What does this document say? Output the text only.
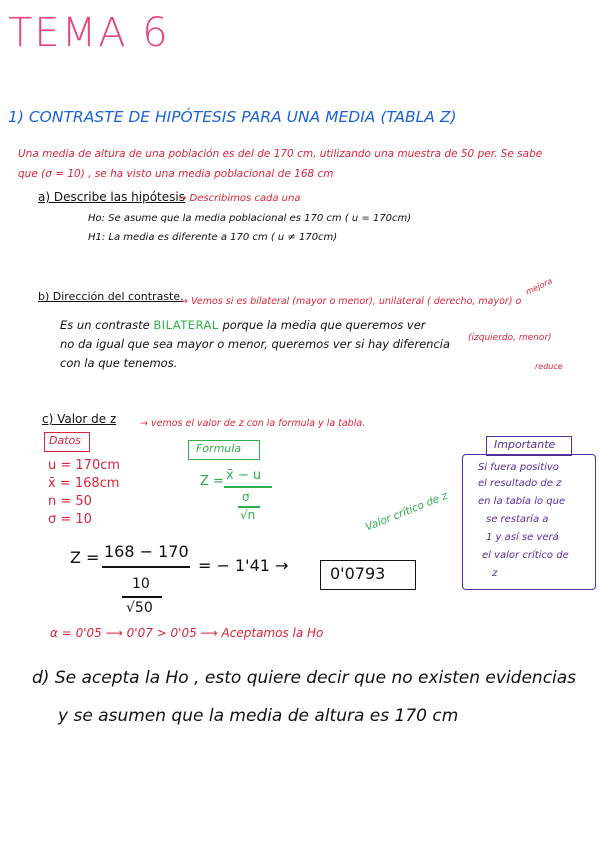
TEMA 6
1) CONTRASTE DE HIPÓTESIS PARA UNA MEDIA (TABLA Z)
Una media de altura de una población es del de 170 cm, utilizando una muestra de 50 per. Se sabe
que (σ = 10) , se ha visto una media poblacional de 168 cm
a) Describe las hipótesis
→ Describimos cada una
Ho: Se asume que la media poblacional es 170 cm ( u = 170cm)
H1: La media es diferente a 170 cm ( u ≠ 170cm)
b) Dirección del contraste.
→ Vemos si es bilateral (mayor o menor), unilateral ( derecho, mayor) o
mejora
(izquierdo, menor)
reduce
Es un contraste BILATERAL porque la media que queremos ver
no da igual que sea mayor o menor, queremos ver si hay diferencia
con la que tenemos.
c) Valor de z → vemos el valor de z con la formula y la tabla.
Datos
u = 170cm
x̄ = 168cm
n = 50
σ = 10
Formula
Z = x̄ − u
σ
√n
Importante
Si fuera positivo
el resultado de z
en la tabla lo que
se restaría a
1 y así se verá
el valor crítico de
z
Valor crítico de z
Z = 168 − 170
10
√50
= − 1'41 →	0'0793
α = 0'05 ⟶ 0'07 > 0'05 ⟶ Aceptamos la Ho
d) Se acepta la Ho , esto quiere decir que no existen evidencias
y se asumen que la media de altura es 170 cm
